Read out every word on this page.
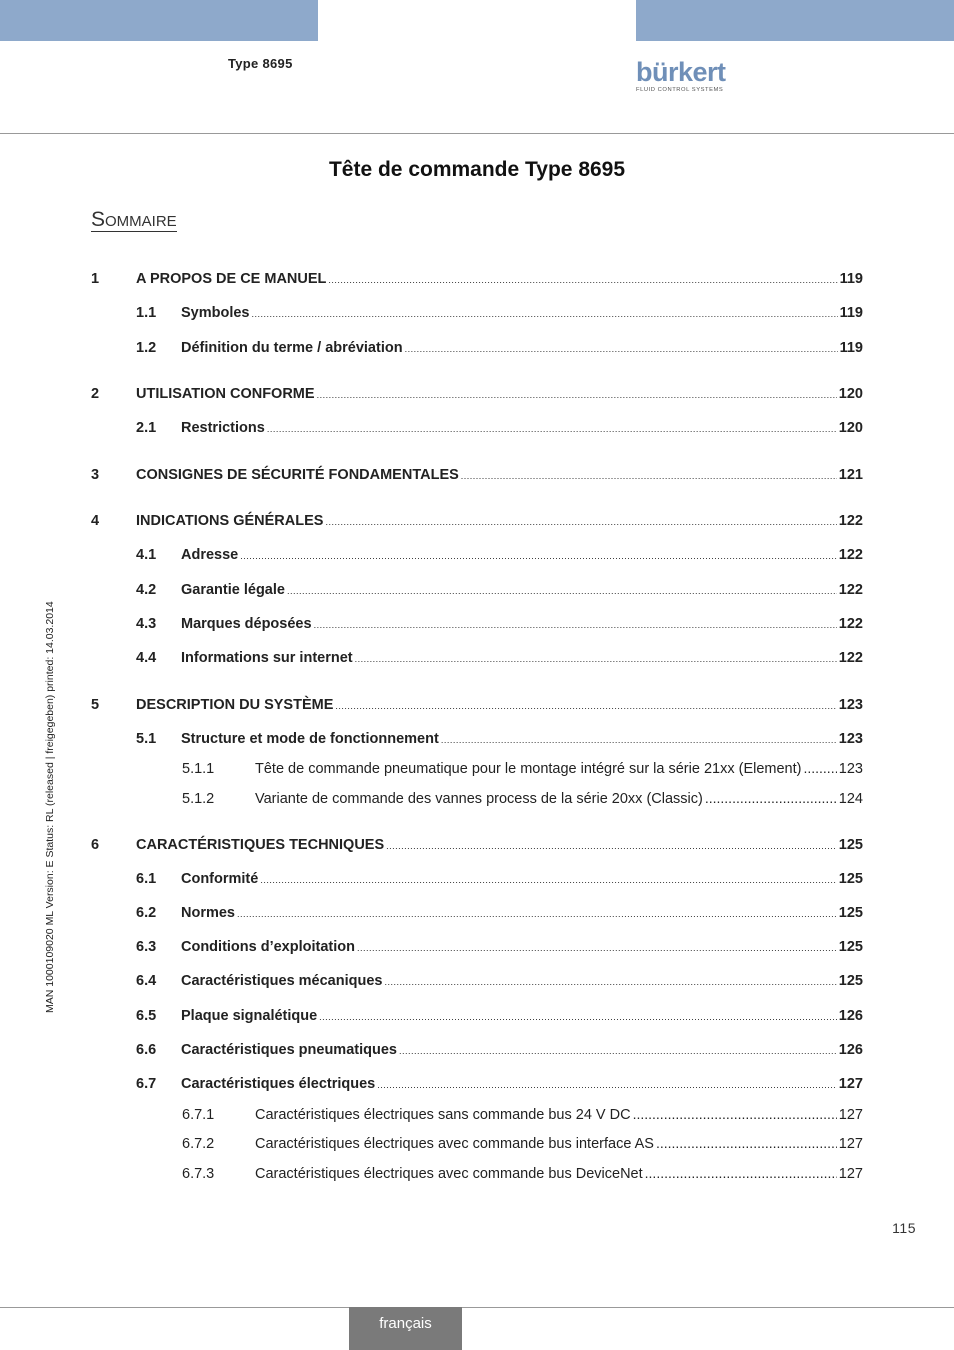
Type 8695	bürkert
FLUID CONTROL SYSTEMS
Tête de commande Type 8695
Sommaire
1	A PROPOS DE CE MANUEL .....	119
1.1	Symboles .....	119
1.2	Définition du terme / abréviation .....	119
2	UTILISATION CONFORME .....	120
2.1	Restrictions .....	120
3	CONSIGNES DE SÉCURITÉ FONDAMENTALES .....	121
4	INDICATIONS GÉNÉRALES .....	122
4.1	Adresse .....	122
4.2	Garantie légale .....	122
4.3	Marques déposées .....	122
4.4	Informations sur internet .....	122
5	DESCRIPTION DU SYSTÈME .....	123
5.1	Structure et mode de fonctionnement .....	123
5.1.1	Tête de commande pneumatique pour le montage intégré sur la série 21xx (Element) .....	123
5.1.2	Variante de commande des vannes process de la série 20xx (Classic) .....	124
6	CARACTÉRISTIQUES TECHNIQUES .....	125
6.1	Conformité .....	125
6.2	Normes .....	125
6.3	Conditions d’exploitation .....	125
6.4	Caractéristiques mécaniques .....	125
6.5	Plaque signalétique .....	126
6.6	Caractéristiques pneumatiques .....	126
6.7	Caractéristiques électriques .....	127
6.7.1	Caractéristiques électriques sans commande bus 24 V DC .....	127
6.7.2	Caractéristiques électriques avec commande bus interface AS .....	127
6.7.3	Caractéristiques électriques avec commande bus DeviceNet .....	127
MAN 1000109020 ML Version: E Status: RL (released | freigegeben) printed: 14.03.2014
115
français
